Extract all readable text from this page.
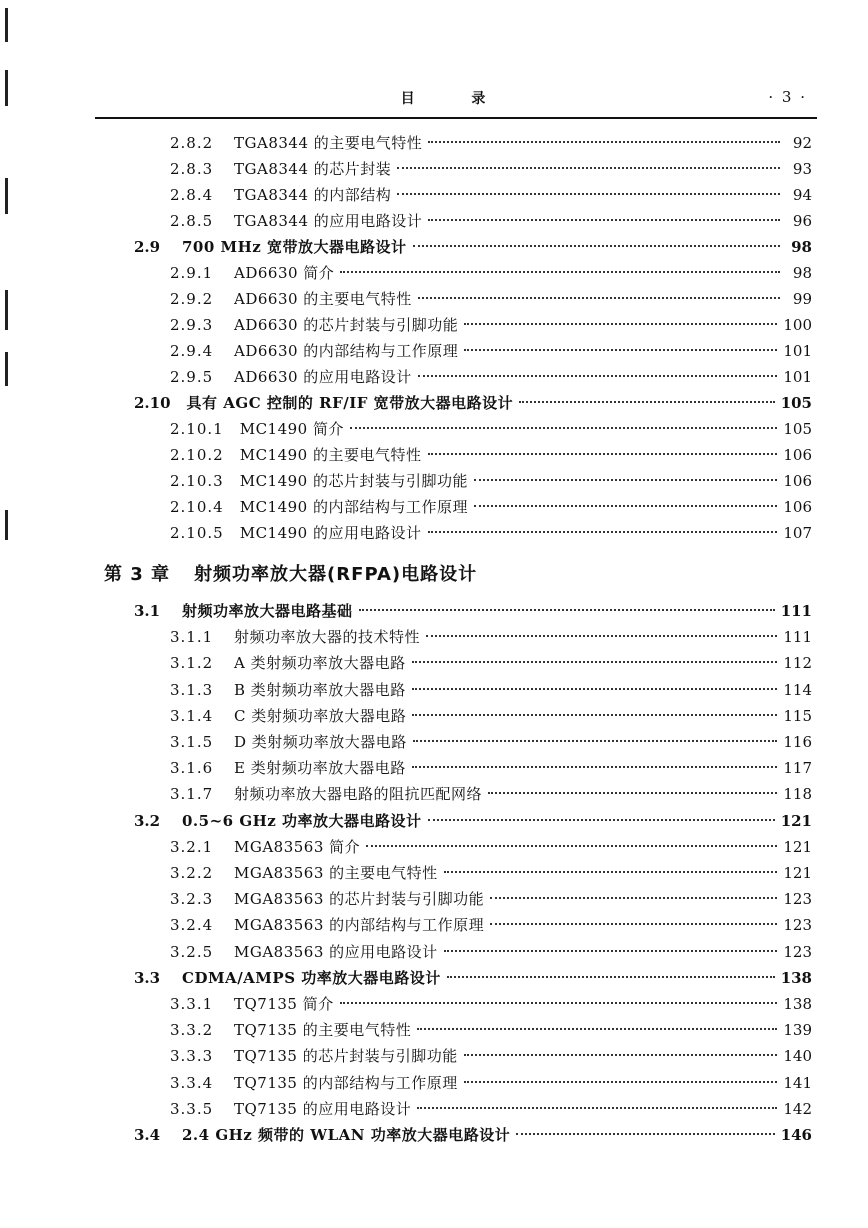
目 录	· 3 ·
2.8.2	TGA8344 的主要电气特性	92
2.8.3	TGA8344 的芯片封装	93
2.8.4	TGA8344 的内部结构	94
2.8.5	TGA8344 的应用电路设计	96
2.9	700 MHz 宽带放大器电路设计	98
2.9.1	AD6630 简介	98
2.9.2	AD6630 的主要电气特性	99
2.9.3	AD6630 的芯片封装与引脚功能	100
2.9.4	AD6630 的内部结构与工作原理	101
2.9.5	AD6630 的应用电路设计	101
2.10	具有 AGC 控制的 RF/IF 宽带放大器电路设计	105
2.10.1	MC1490 简介	105
2.10.2	MC1490 的主要电气特性	106
2.10.3	MC1490 的芯片封装与引脚功能	106
2.10.4	MC1490 的内部结构与工作原理	106
2.10.5	MC1490 的应用电路设计	107
第 3 章 射频功率放大器(RFPA)电路设计
3.1	射频功率放大器电路基础	111
3.1.1	射频功率放大器的技术特性	111
3.1.2	A 类射频功率放大器电路	112
3.1.3	B 类射频功率放大器电路	114
3.1.4	C 类射频功率放大器电路	115
3.1.5	D 类射频功率放大器电路	116
3.1.6	E 类射频功率放大器电路	117
3.1.7	射频功率放大器电路的阻抗匹配网络	118
3.2	0.5~6 GHz 功率放大器电路设计	121
3.2.1	MGA83563 简介	121
3.2.2	MGA83563 的主要电气特性	121
3.2.3	MGA83563 的芯片封装与引脚功能	123
3.2.4	MGA83563 的内部结构与工作原理	123
3.2.5	MGA83563 的应用电路设计	123
3.3	CDMA/AMPS 功率放大器电路设计	138
3.3.1	TQ7135 简介	138
3.3.2	TQ7135 的主要电气特性	139
3.3.3	TQ7135 的芯片封装与引脚功能	140
3.3.4	TQ7135 的内部结构与工作原理	141
3.3.5	TQ7135 的应用电路设计	142
3.4	2.4 GHz 频带的 WLAN 功率放大器电路设计	146
